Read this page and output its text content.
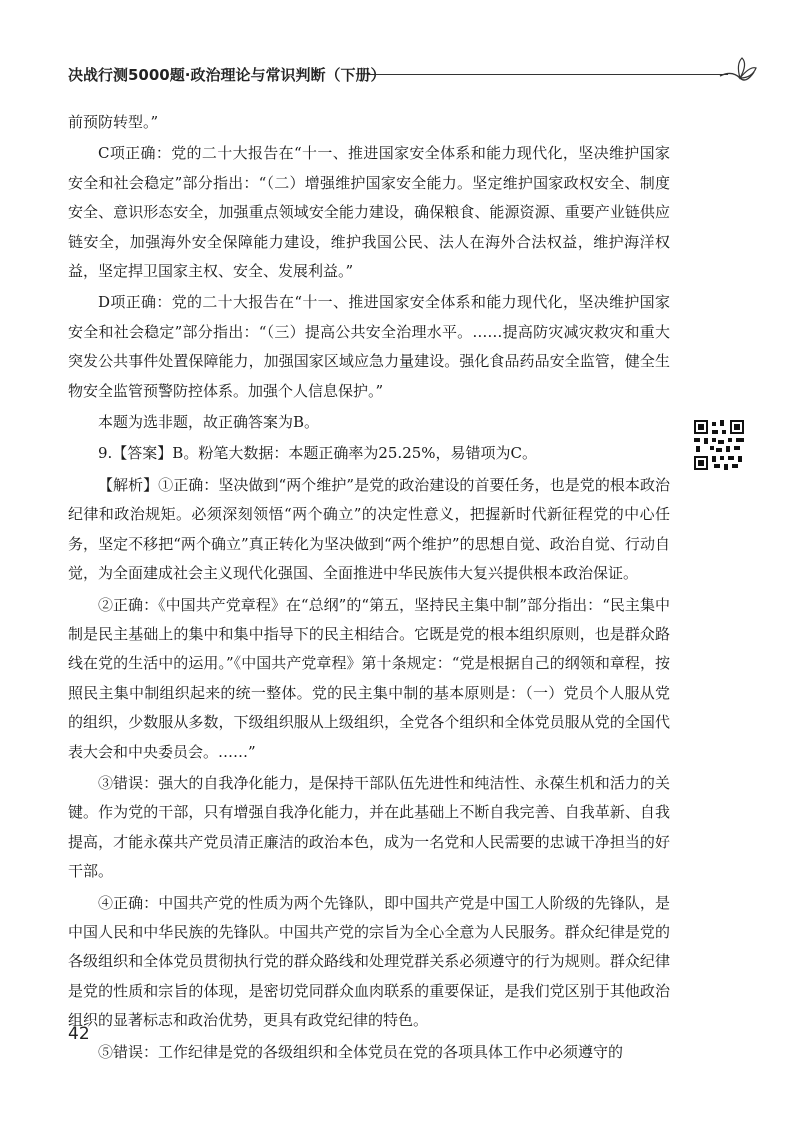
决战行测5000题·政治理论与常识判断（下册）

前预防转型。”

C项正确：党的二十大报告在“十一、推进国家安全体系和能力现代化，坚决维护国家安全和社会稳定”部分指出：“（二）增强维护国家安全能力。坚定维护国家政权安全、制度安全、意识形态安全，加强重点领域安全能力建设，确保粮食、能源资源、重要产业链供应链安全，加强海外安全保障能力建设，维护我国公民、法人在海外合法权益，维护海洋权益，坚定捍卫国家主权、安全、发展利益。”

D项正确：党的二十大报告在“十一、推进国家安全体系和能力现代化，坚决维护国家安全和社会稳定”部分指出：“（三）提高公共安全治理水平。……提高防灾减灾救灾和重大突发公共事件处置保障能力，加强国家区域应急力量建设。强化食品药品安全监管，健全生物安全监管预警防控体系。加强个人信息保护。”

本题为选非题，故正确答案为B。

9.【答案】B。粉笔大数据：本题正确率为25.25%，易错项为C。

【解析】①正确：坚决做到“两个维护”是党的政治建设的首要任务，也是党的根本政治纪律和政治规矩。必须深刻领悟“两个确立”的决定性意义，把握新时代新征程党的中心任务，坚定不移把“两个确立”真正转化为坚决做到“两个维护”的思想自觉、政治自觉、行动自觉，为全面建成社会主义现代化强国、全面推进中华民族伟大复兴提供根本政治保证。

②正确：《中国共产党章程》在“总纲”的“第五，坚持民主集中制”部分指出：“民主集中制是民主基础上的集中和集中指导下的民主相结合。它既是党的根本组织原则，也是群众路线在党的生活中的运用。”《中国共产党章程》第十条规定：“党是根据自己的纲领和章程，按照民主集中制组织起来的统一整体。党的民主集中制的基本原则是：（一）党员个人服从党的组织，少数服从多数，下级组织服从上级组织，全党各个组织和全体党员服从党的全国代表大会和中央委员会。……”

③错误：强大的自我净化能力，是保持干部队伍先进性和纯洁性、永葆生机和活力的关键。作为党的干部，只有增强自我净化能力，并在此基础上不断自我完善、自我革新、自我提高，才能永葆共产党员清正廉洁的政治本色，成为一名党和人民需要的忠诚干净担当的好干部。

④正确：中国共产党的性质为两个先锋队，即中国共产党是中国工人阶级的先锋队，是中国人民和中华民族的先锋队。中国共产党的宗旨为全心全意为人民服务。群众纪律是党的各级组织和全体党员贯彻执行党的群众路线和处理党群关系必须遵守的行为规则。群众纪律是党的性质和宗旨的体现，是密切党同群众血肉联系的重要保证，是我们党区别于其他政治组织的显著标志和政治优势，更具有政党纪律的特色。

⑤错误：工作纪律是党的各级组织和全体党员在党的各项具体工作中必须遵守的

42
